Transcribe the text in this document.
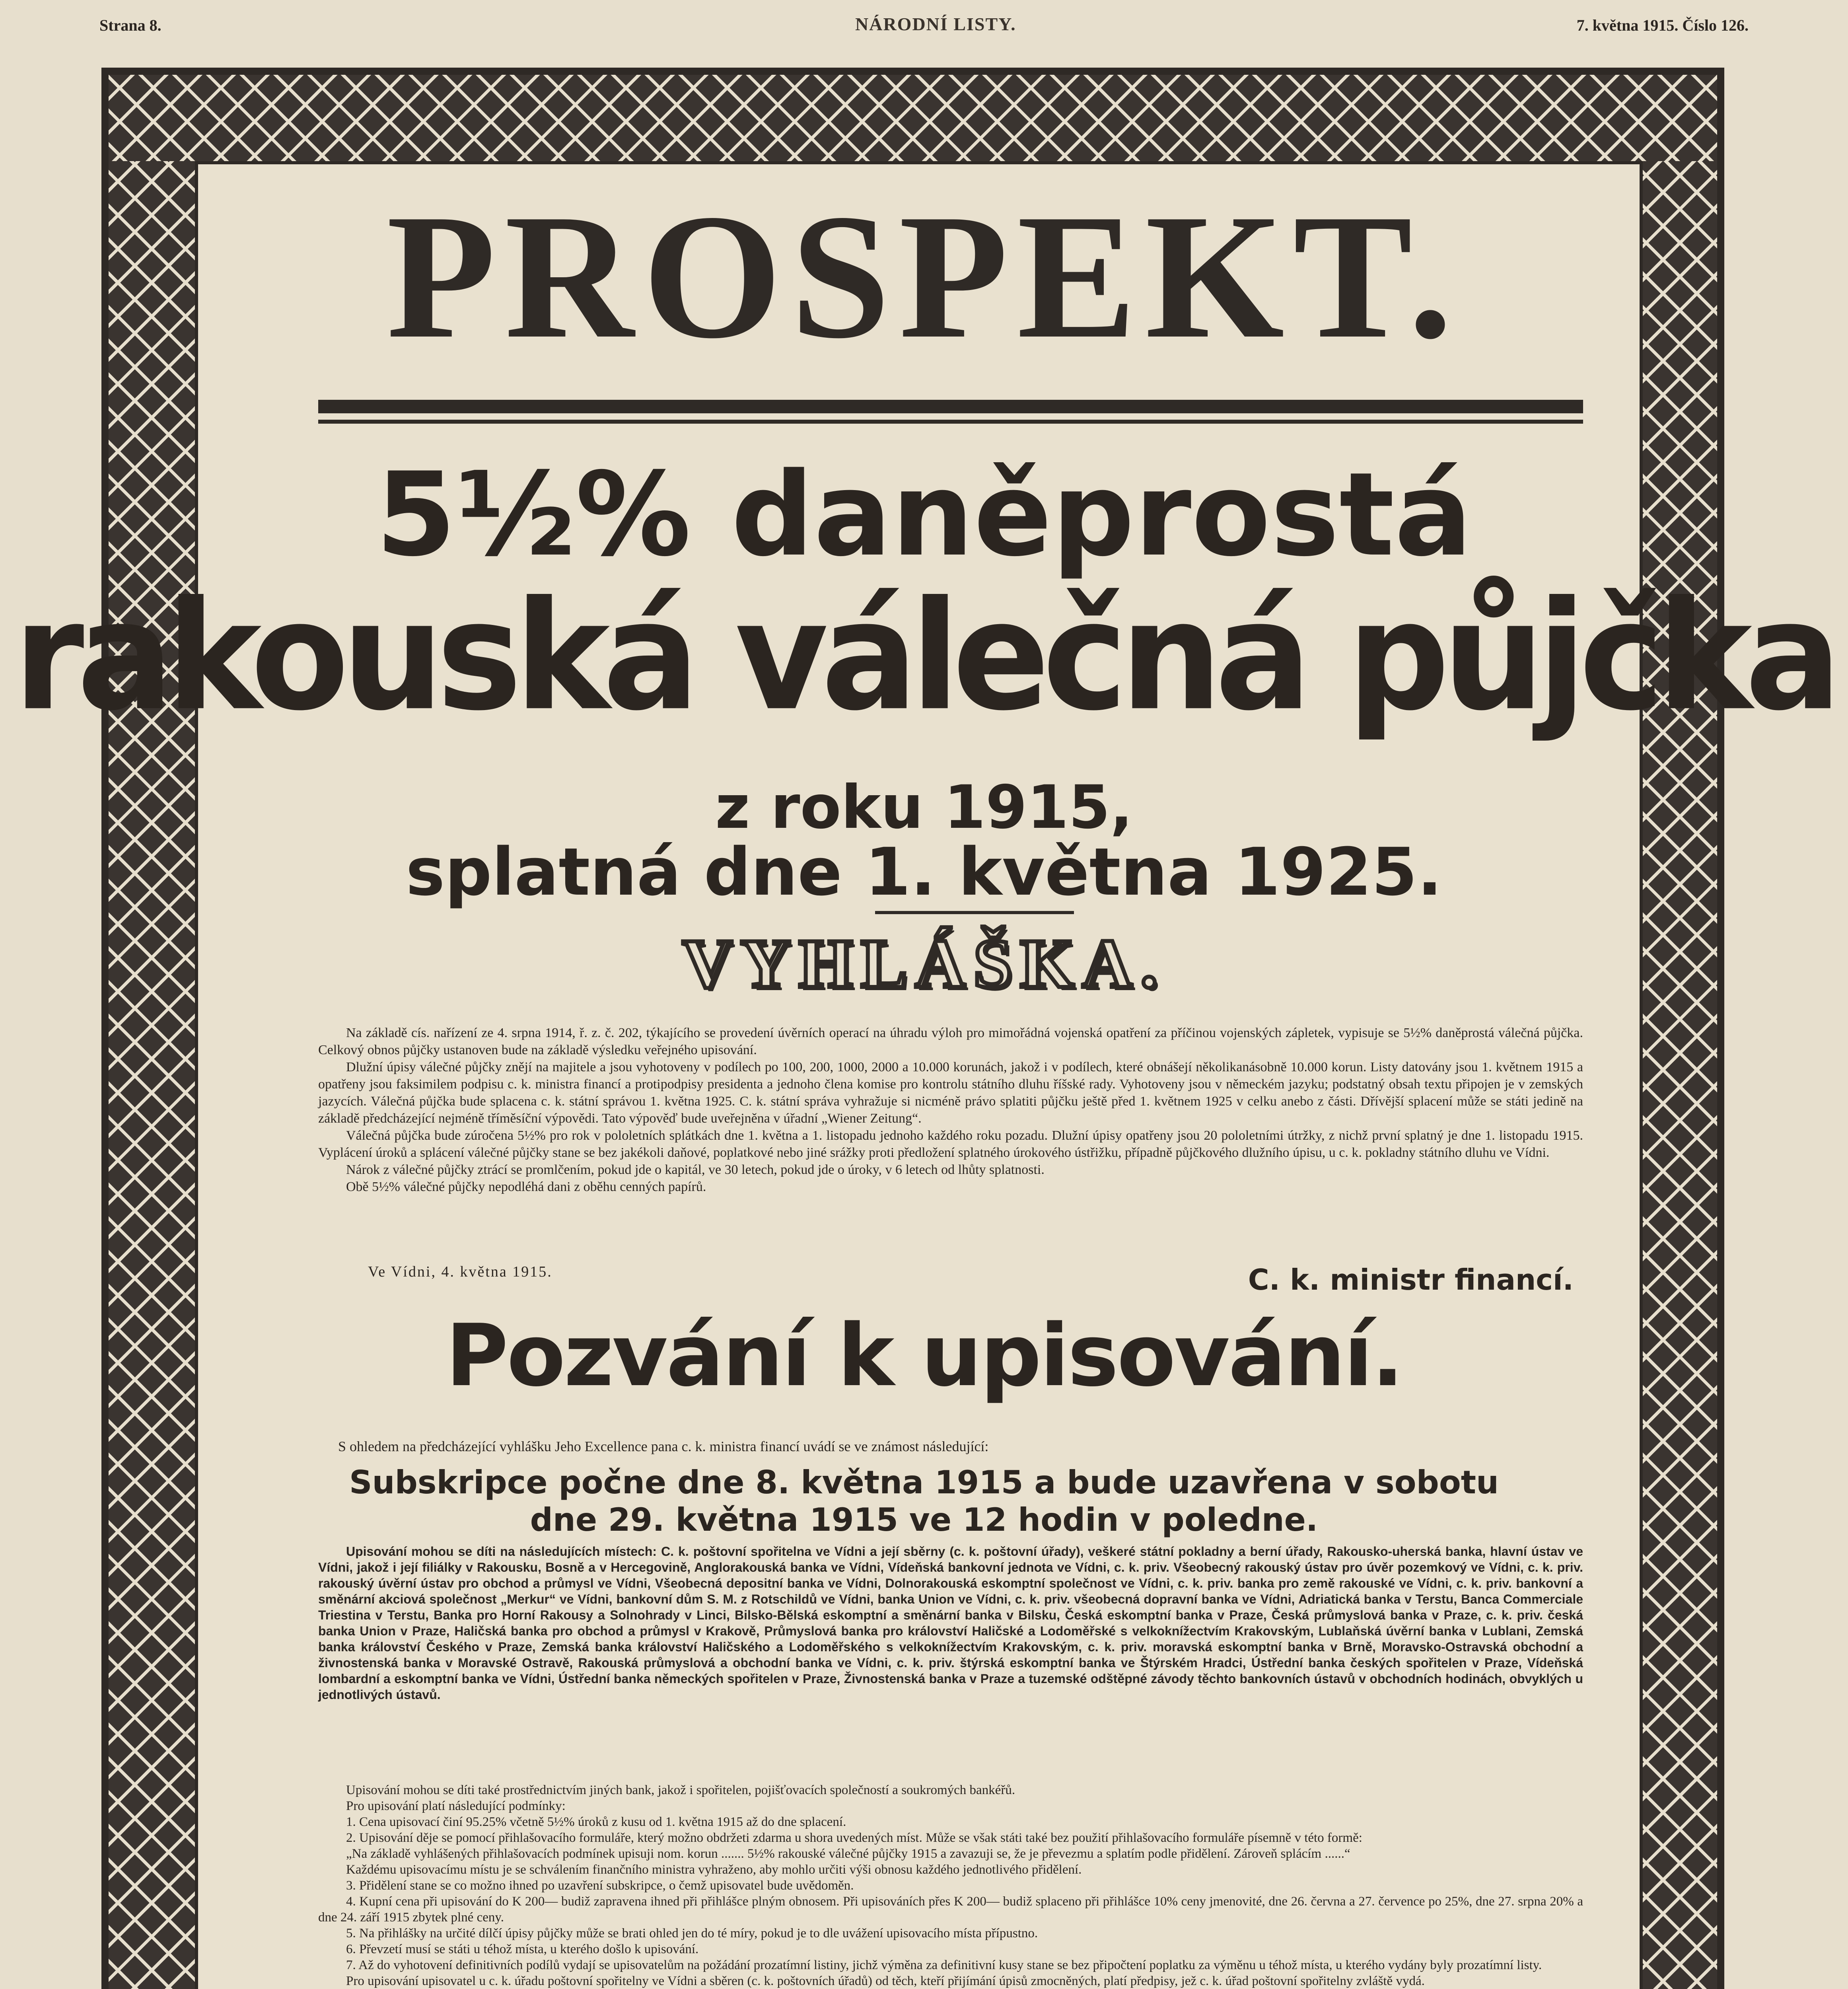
Strana 8.	NÁRODNÍ LISTY.	7. května 1915. Číslo 126.
PROSPEKT.
5½% daněprostá
rakouská válečná půjčka
z roku 1915,
splatná dne 1. května 1925.
VYHLÁŠKA.

Na základě cís. nařízení ze 4. srpna 1914, ř. z. č. 202, týkajícího se provedení úvěrních operací na úhradu výloh pro mimořádná vojenská opatření za příčinou vojenských zápletek, vypisuje se 5½% daněprostá válečná půjčka. Celkový obnos půjčky ustanoven bude na základě výsledku veřejného upisování.

Dlužní úpisy válečné půjčky znějí na majitele a jsou vyhotoveny v podílech po 100, 200, 1000, 2000 a 10.000 korunách, jakož i v podílech, které obnášejí několikanásobně 10.000 korun. Listy datovány jsou 1. květnem 1915 a opatřeny jsou faksimilem podpisu c. k. ministra financí a protipodpisy presidenta a jednoho člena komise pro kontrolu státního dluhu říšské rady. Vyhotoveny jsou v německém jazyku; podstatný obsah textu připojen je v zemských jazycích. Válečná půjčka bude splacena c. k. státní správou 1. května 1925. C. k. státní správa vyhražuje si nicméně právo splatiti půjčku ještě před 1. květnem 1925 v celku anebo z části. Dřívější splacení může se státi jedině na základě předcházející nejméně tříměsíční výpovědi. Tato výpověď bude uveřejněna v úřadní „Wiener Zeitung“.

Válečná půjčka bude zúročena 5½% pro rok v pololetních splátkách dne 1. května a 1. listopadu jednoho každého roku pozadu. Dlužní úpisy opatřeny jsou 20 pololetními útržky, z nichž první splatný je dne 1. listopadu 1915. Vyplácení úroků a splácení válečné půjčky stane se bez jakékoli daňové, poplatkové nebo jiné srážky proti předložení splatného úrokového ústřižku, případně půjčkového dlužního úpisu, u c. k. pokladny státního dluhu ve Vídni.

Nárok z válečné půjčky ztrácí se promlčením, pokud jde o kapitál, ve 30 letech, pokud jde o úroky, v 6 letech od lhůty splatnosti.

Obě 5½% válečné půjčky nepodléhá dani z oběhu cenných papírů.

Ve Vídni, 4. května 1915.	C. k. ministr financí.
Pozvání k upisování.
S ohledem na předcházející vyhlášku Jeho Excellence pana c. k. ministra financí uvádí se ve známost následující:
Subskripce počne dne 8. května 1915 a bude uzavřena v sobotu dne 29. května 1915 ve 12 hodin v poledne.

Upisování mohou se díti na následujících místech: C. k. poštovní spořitelna ve Vídni a její sběrny (c. k. poštovní úřady), veškeré státní pokladny a berní úřady, Rakousko-uherská banka, hlavní ústav ve Vídni, jakož i její filiálky v Rakousku, Bosně a v Hercegovině, Anglorakouská banka ve Vídni, Vídeňská bankovní jednota ve Vídni, c. k. priv. Všeobecný rakouský ústav pro úvěr pozemkový ve Vídni, c. k. priv. rakouský úvěrní ústav pro obchod a průmysl ve Vídni, Všeobecná depositní banka ve Vídni, Dolnorakouská eskomptní společnost ve Vídni, c. k. priv. banka pro země rakouské ve Vídni, c. k. priv. bankovní a směnární akciová společnost „Merkur“ ve Vídni, bankovní dům S. M. z Rotschildů ve Vídni, banka Union ve Vídni, c. k. priv. všeobecná dopravní banka ve Vídni, Adriatická banka v Terstu, Banca Commerciale Triestina v Terstu, Banka pro Horní Rakousy a Solnohrady v Linci, Bilsko-Bělská eskomptní a směnární banka v Bilsku, Česká eskomptní banka v Praze, Česká průmyslová banka v Praze, c. k. priv. česká banka Union v Praze, Haličská banka pro obchod a průmysl v Krakově, Průmyslová banka pro království Haličské a Lodoměřské s velkoknížectvím Krakovským, Lublaňská úvěrní banka v Lublani, Zemská banka království Českého v Praze, Zemská banka království Haličského a Lodoměřského s velkoknížectvím Krakovským, c. k. priv. moravská eskomptní banka v Brně, Moravsko-Ostravská obchodní a živnostenská banka v Moravské Ostravě, Rakouská průmyslová a obchodní banka ve Vídni, c. k. priv. štýrská eskomptní banka ve Štýrském Hradci, Ústřední banka českých spořitelen v Praze, Vídeňská lombardní a eskomptní banka ve Vídni, Ústřední banka německých spořitelen v Praze, Živnostenská banka v Praze a tuzemské odštěpné závody těchto bankovních ústavů v obchodních hodinách, obvyklých u jednotlivých ústavů.

Upisování mohou se díti také prostřednictvím jiných bank, jakož i spořitelen, pojišťovacích společností a soukromých bankéřů.

Pro upisování platí následující podmínky:

1. Cena upisovací činí 95.25% včetně 5½% úroků z kusu od 1. května 1915 až do dne splacení.

2. Upisování děje se pomocí přihlašovacího formuláře, který možno obdržeti zdarma u shora uvedených míst. Může se však státi také bez použití přihlašovacího formuláře písemně v této formě:

„Na základě vyhlášených přihlašovacích podmínek upisuji nom. korun ....... 5½% rakouské válečné půjčky 1915 a zavazuji se, že je převezmu a splatím podle přidělení. Zároveň splácím ......“

Každému upisovacímu místu je se schválením finančního ministra vyhraženo, aby mohlo určiti výši obnosu každého jednotlivého přidělení.

3. Přidělení stane se co možno ihned po uzavření subskripce, o čemž upisovatel bude uvědoměn.

4. Kupní cena při upisování do K 200— budiž zapravena ihned při přihlášce plným obnosem. Při upisováních přes K 200— budiž splaceno při přihlášce 10% ceny jmenovité, dne 26. června a 27. července po 25%, dne 27. srpna 20% a dne 24. září 1915 zbytek plné ceny.

5. Na přihlášky na určité dílčí úpisy půjčky může se brati ohled jen do té míry, pokud je to dle uvážení upisovacího místa přípustno.

6. Převzetí musí se státi u téhož místa, u kterého došlo k upisování.

7. Až do vyhotovení definitivních podílů vydají se upisovatelům na požádání prozatímní listiny, jichž výměna za definitivní kusy stane se bez připočtení poplatku za výměnu u téhož místa, u kterého vydány byly prozatímní listy.

Pro upisování upisovatel u c. k. úřadu poštovní spořitelny ve Vídni a sběren (c. k. poštovních úřadů) od těch, kteří přijímání úpisů zmocněných, platí předpisy, jež c. k. úřad poštovní spořitelny zvláště vydá.
